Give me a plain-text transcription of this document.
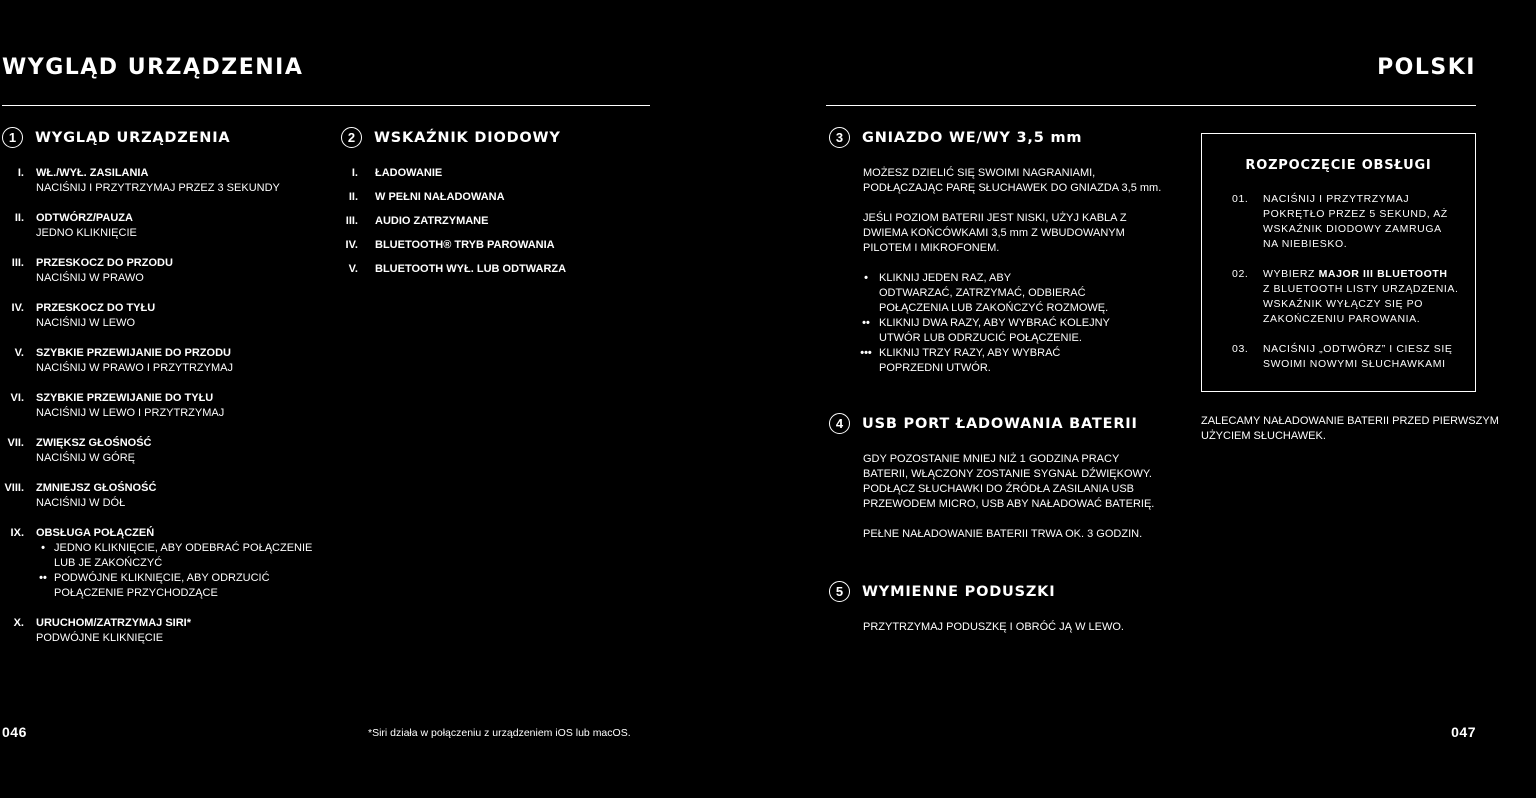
WYGLĄD URZĄDZENIA
1	WYGLĄD URZĄDZENIA
I. WŁ./WYŁ. ZASILANIA
NACIŚNIJ I PRZYTRZYMAJ PRZEZ 3 SEKUNDY
II. ODTWÓRZ/PAUZA
JEDNO KLIKNIĘCIE
III. PRZESKOCZ DO PRZODU
NACIŚNIJ W PRAWO
IV. PRZESKOCZ DO TYŁU
NACIŚNIJ W LEWO
V. SZYBKIE PRZEWIJANIE DO PRZODU
NACIŚNIJ W PRAWO I PRZYTRZYMAJ
VI. SZYBKIE PRZEWIJANIE DO TYŁU
NACIŚNIJ W LEWO I PRZYTRZYMAJ
VII. ZWIĘKSZ GŁOŚNOŚĆ
NACIŚNIJ W GÓRĘ
VIII. ZMNIEJSZ GŁOŚNOŚĆ
NACIŚNIJ W DÓŁ
IX. OBSŁUGA POŁĄCZEŃ
• JEDNO KLIKNIĘCIE, ABY ODEBRAĆ POŁĄCZENIE
LUB JE ZAKOŃCZYĆ
•• PODWÓJNE KLIKNIĘCIE, ABY ODRZUCIĆ
POŁĄCZENIE PRZYCHODZĄCE
X. URUCHOM/ZATRZYMAJ SIRI*
PODWÓJNE KLIKNIĘCIE
2	WSKAŹNIK DIODOWY
I. ŁADOWANIE
II. W PEŁNI NAŁADOWANA
III. AUDIO ZATRZYMANE
IV. BLUETOOTH® TRYB PAROWANIA
V. BLUETOOTH WYŁ. LUB ODTWARZA
046	*Siri działa w połączeniu z urządzeniem iOS lub macOS.
POLSKI
3	GNIAZDO WE/WY 3,5 mm
MOŻESZ DZIELIĆ SIĘ SWOIMI NAGRANIAMI,
PODŁĄCZAJĄC PARĘ SŁUCHAWEK DO GNIAZDA 3,5 mm.
JEŚLI POZIOM BATERII JEST NISKI, UŻYJ KABLA Z
DWIEMA KOŃCÓWKAMI 3,5 mm Z WBUDOWANYM
PILOTEM I MIKROFONEM.
•	KLIKNIJ JEDEN RAZ, ABY
ODTWARZAĆ, ZATRZYMAĆ, ODBIERAĆ
POŁĄCZENIA LUB ZAKOŃCZYĆ ROZMOWĘ.
•• KLIKNIJ DWA RAZY, ABY WYBRAĆ KOLEJNY
UTWÓR LUB ODRZUCIĆ POŁĄCZENIE.
••• KLIKNIJ TRZY RAZY, ABY WYBRAĆ
POPRZEDNI UTWÓR.
4	USB PORT ŁADOWANIA BATERII
GDY POZOSTANIE MNIEJ NIŻ 1 GODZINA PRACY
BATERII, WŁĄCZONY ZOSTANIE SYGNAŁ DŹWIĘKOWY.
PODŁĄCZ SŁUCHAWKI DO ŹRÓDŁA ZASILANIA USB
PRZEWODEM MICRO, USB ABY NAŁADOWAĆ BATERIĘ.
PEŁNE NAŁADOWANIE BATERII TRWA OK. 3 GODZIN.
5	WYMIENNE PODUSZKI
PRZYTRZYMAJ PODUSZKĘ I OBRÓĆ JĄ W LEWO.
ROZPOCZĘCIE OBSŁUGI
01. NACIŚNIJ I PRZYTRZYMAJ
POKRĘTŁO PRZEZ 5 SEKUND, AŻ
WSKAŹNIK DIODOWY ZAMRUGA
NA NIEBIESKO.
02. WYBIERZ MAJOR III BLUETOOTH
Z BLUETOOTH LISTY URZĄDZENIA.
WSKAŹNIK WYŁĄCZY SIĘ PO
ZAKOŃCZENIU PAROWANIA.
03. NACIŚNIJ „ODTWÓRZ” I CIESZ SIĘ
SWOIMI NOWYMI SŁUCHAWKAMI
ZALECAMY NAŁADOWANIE BATERII PRZED PIERWSZYM
UŻYCIEM SŁUCHAWEK.
047
